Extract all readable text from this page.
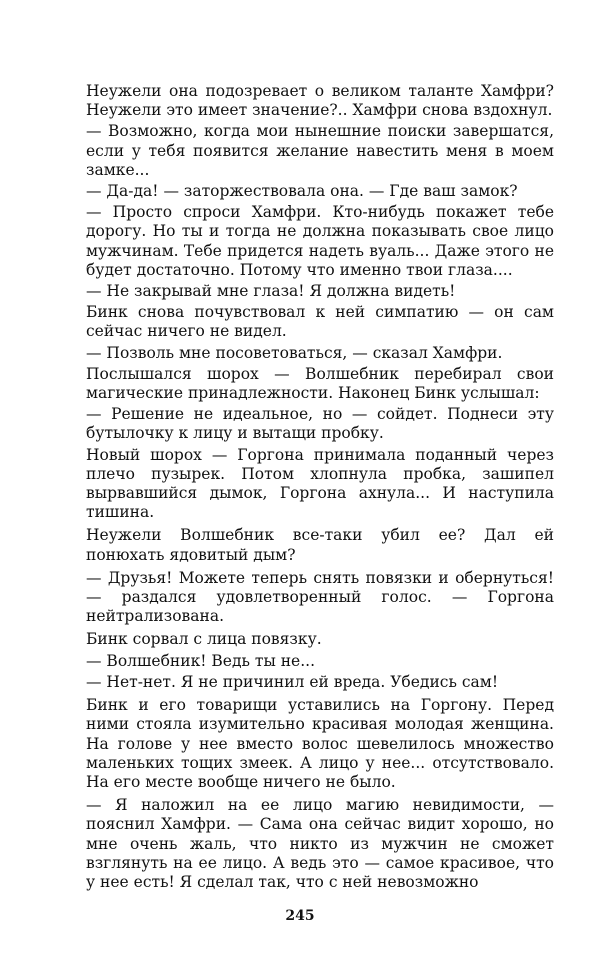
Неужели она подозревает о великом таланте Хамфри? Неужели это имеет значение?.. Хамфри снова вздохнул.

— Возможно, когда мои нынешние поиски завершатся, если у тебя появится желание навестить меня в моем замке...

— Да-да! — заторжествовала она. — Где ваш замок?

— Просто спроси Хамфри. Кто-нибудь покажет тебе дорогу. Но ты и тогда не должна показывать свое лицо мужчинам. Тебе придется надеть вуаль... Даже этого не будет достаточно. Потому что именно твои глаза....

— Не закрывай мне глаза! Я должна видеть!

Бинк снова почувствовал к ней симпатию — он сам сейчас ничего не видел.

— Позволь мне посоветоваться, — сказал Хамфри.

Послышался шорох — Волшебник перебирал свои магические принадлежности. Наконец Бинк услышал:

— Решение не идеальное, но — сойдет. Поднеси эту бутылочку к лицу и вытащи пробку.

Новый шорох — Горгона принимала поданный через плечо пузырек. Потом хлопнула пробка, зашипел вырвавшийся дымок, Горгона ахнула... И наступила тишина.

Неужели Волшебник все-таки убил ее? Дал ей понюхать ядовитый дым?

— Друзья! Можете теперь снять повязки и обернуться! — раздался удовлетворенный голос. — Горгона нейтрализована.

Бинк сорвал с лица повязку.

— Волшебник! Ведь ты не...

— Нет-нет. Я не причинил ей вреда. Убедись сам!

Бинк и его товарищи уставились на Горгону. Перед ними стояла изумительно красивая молодая женщина. На голове у нее вместо волос шевелилось множество маленьких тощих змеек. А лицо у нее... отсутствовало. На его месте вообще ничего не было.

— Я наложил на ее лицо магию невидимости, — пояснил Хамфри. — Сама она сейчас видит хорошо, но мне очень жаль, что никто из мужчин не сможет взглянуть на ее лицо. А ведь это — самое красивое, что у нее есть! Я сделал так, что с ней невозможно

245
